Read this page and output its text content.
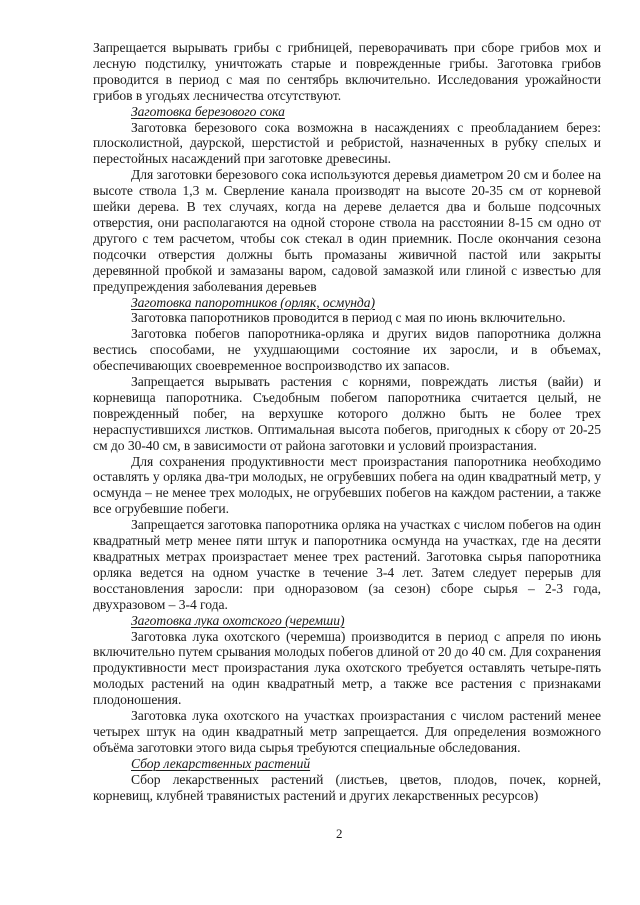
Запрещается вырывать грибы с грибницей, переворачивать при сборе грибов мох и лесную подстилку, уничтожать старые и поврежденные грибы. Заготовка грибов проводится в период с мая по сентябрь включительно. Исследования урожайности грибов в угодьях лесничества отсутствуют.

Заготовка березового сока

Заготовка березового сока возможна в насаждениях с преобладанием берез: плосколистной, даурской, шерстистой и ребристой, назначенных в рубку спелых и перестойных насаждений при заготовке древесины.

Для заготовки березового сока используются деревья диаметром 20 см и более на высоте ствола 1,3 м. Сверление канала производят на высоте 20-35 см от корневой шейки дерева. В тех случаях, когда на дереве делается два и больше подсочных отверстия, они располагаются на одной стороне ствола на расстоянии 8-15 см одно от другого с тем расчетом, чтобы сок стекал в один приемник. После окончания сезона подсочки отверстия должны быть промазаны живичной пастой или закрыты деревянной пробкой и замазаны варом, садовой замазкой или глиной с известью для предупреждения заболевания деревьев

Заготовка папоротников (орляк, осмунда)

Заготовка папоротников проводится в период с мая по июнь включительно.

Заготовка побегов папоротника-орляка и других видов папоротника должна вестись способами, не ухудшающими состояние их заросли, и в объемах, обеспечивающих своевременное воспроизводство их запасов.

Запрещается вырывать растения с корнями, повреждать листья (вайи) и корневища папоротника. Съедобным побегом папоротника считается целый, не поврежденный побег, на верхушке которого должно быть не более трех нераспустившихся листков. Оптимальная высота побегов, пригодных к сбору от 20-25 см до 30-40 см, в зависимости от района заготовки и условий произрастания.

Для сохранения продуктивности мест произрастания папоротника необходимо оставлять у орляка два-три молодых, не огрубевших побега на один квадратный метр, у осмунда – не менее трех молодых, не огрубевших побегов на каждом растении, а также все огрубевшие побеги.

Запрещается заготовка папоротника орляка на участках с числом побегов на один квадратный метр менее пяти штук и папоротника осмунда на участках, где на десяти квадратных метрах произрастает менее трех растений. Заготовка сырья папоротника орляка ведется на одном участке в течение 3-4 лет. Затем следует перерыв для восстановления заросли: при одноразовом (за сезон) сборе сырья – 2-3 года, двухразовом – 3-4 года.

Заготовка лука охотского (черемши)

Заготовка лука охотского (черемша) производится в период с апреля по июнь включительно путем срывания молодых побегов длиной от 20 до 40 см. Для сохранения продуктивности мест произрастания лука охотского требуется оставлять четыре-пять молодых растений на один квадратный метр, а также все растения с признаками плодоношения.

Заготовка лука охотского на участках произрастания с числом растений менее четырех штук на один квадратный метр запрещается. Для определения возможного объёма заготовки этого вида сырья требуются специальные обследования.

Сбор лекарственных растений

Сбор лекарственных растений (листьев, цветов, плодов, почек, корней, корневищ, клубней травянистых растений и других лекарственных ресурсов)

2
